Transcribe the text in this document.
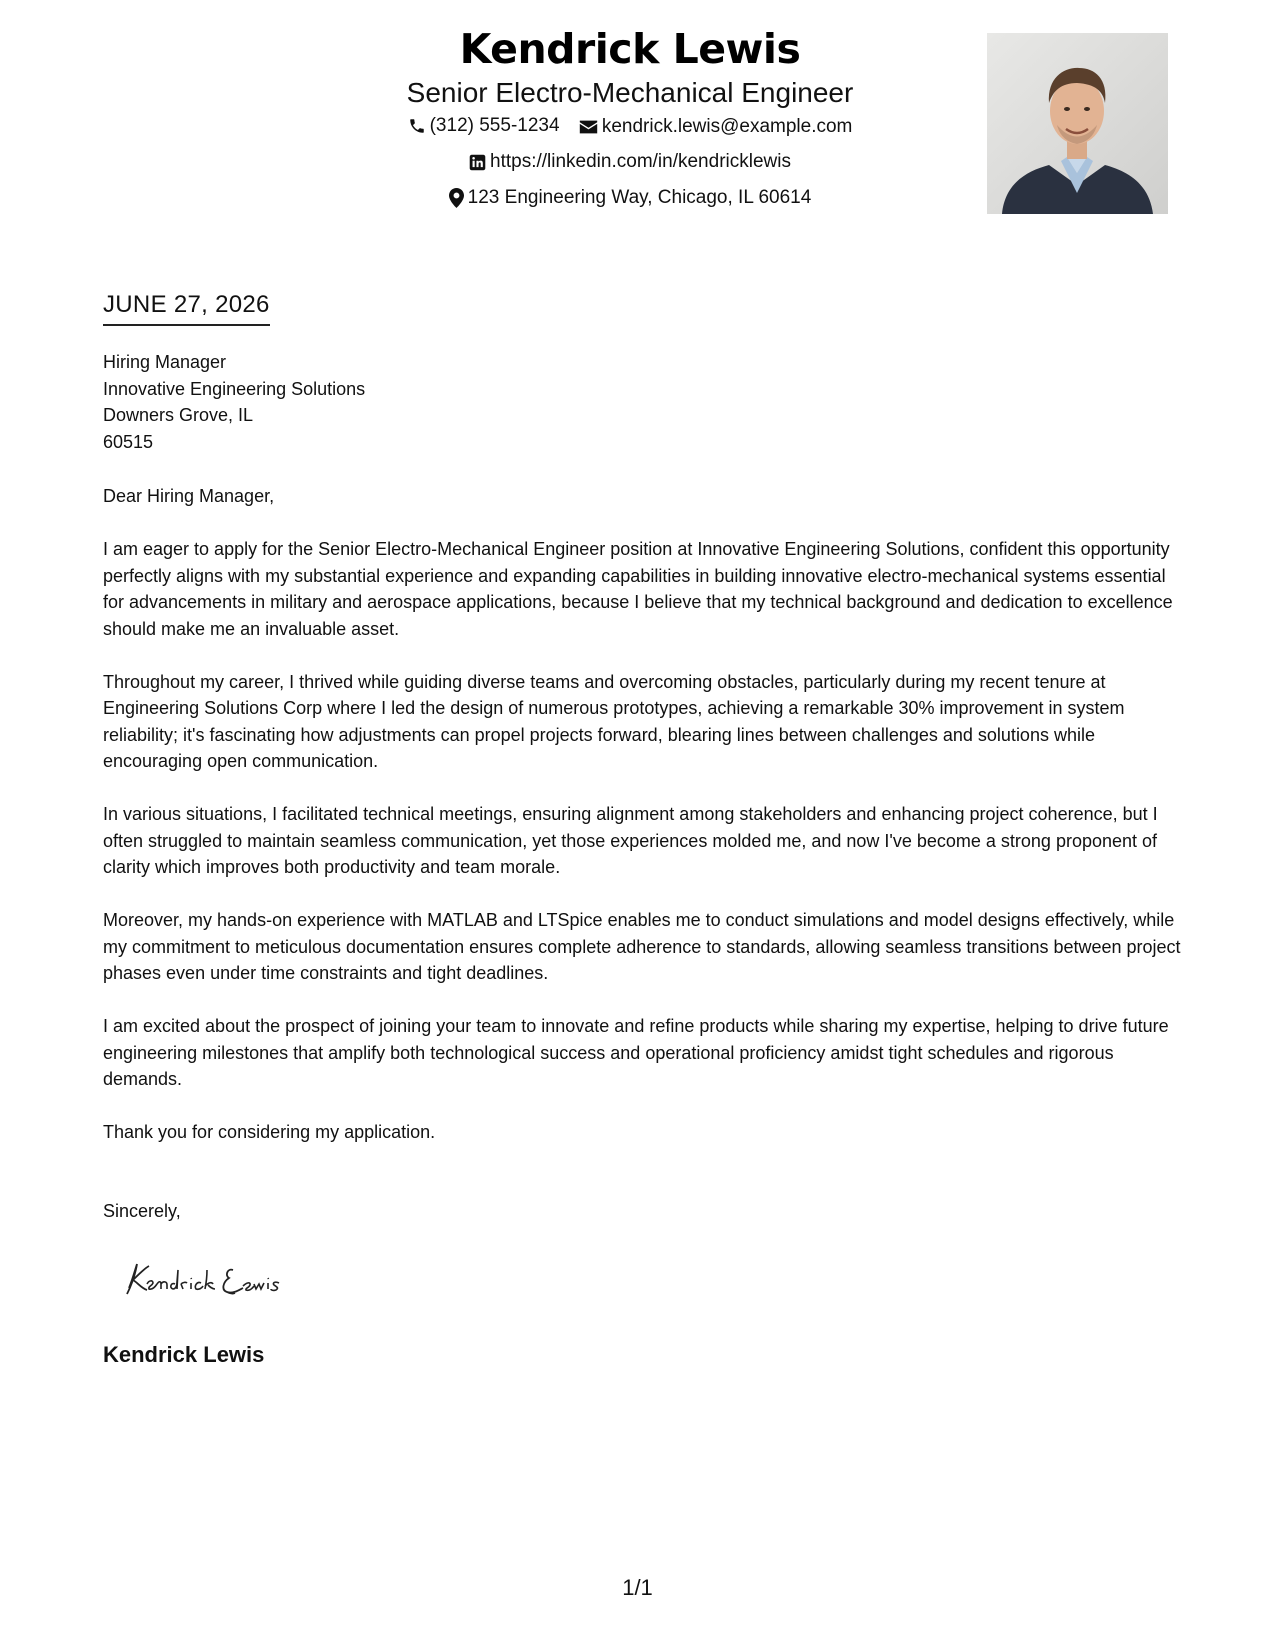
Kendrick Lewis
Senior Electro-Mechanical Engineer
(312) 555-1234
kendrick.lewis@example.com
https://linkedin.com/in/kendricklewis
123 Engineering Way, Chicago, IL 60614
JUNE 27, 2026
Hiring Manager
Innovative Engineering Solutions
Downers Grove, IL
60515

Dear Hiring Manager,

I am eager to apply for the Senior Electro-Mechanical Engineer position at Innovative Engineering Solutions, confident this opportunity perfectly aligns with my substantial experience and expanding capabilities in building innovative electro-mechanical systems essential for advancements in military and aerospace applications, because I believe that my technical background and dedication to excellence should make me an invaluable asset.

Throughout my career, I thrived while guiding diverse teams and overcoming obstacles, particularly during my recent tenure at Engineering Solutions Corp where I led the design of numerous prototypes, achieving a remarkable 30% improvement in system reliability; it's fascinating how adjustments can propel projects forward, blearing lines between challenges and solutions while encouraging open communication.

In various situations, I facilitated technical meetings, ensuring alignment among stakeholders and enhancing project coherence, but I often struggled to maintain seamless communication, yet those experiences molded me, and now I've become a strong proponent of clarity which improves both productivity and team morale.

Moreover, my hands-on experience with MATLAB and LTSpice enables me to conduct simulations and model designs effectively, while my commitment to meticulous documentation ensures complete adherence to standards, allowing seamless transitions between project phases even under time constraints and tight deadlines.

I am excited about the prospect of joining your team to innovate and refine products while sharing my expertise, helping to drive future engineering milestones that amplify both technological success and operational proficiency amidst tight schedules and rigorous demands.

Thank you for considering my application.

Sincerely,
Kendrick Lewis
1/1
